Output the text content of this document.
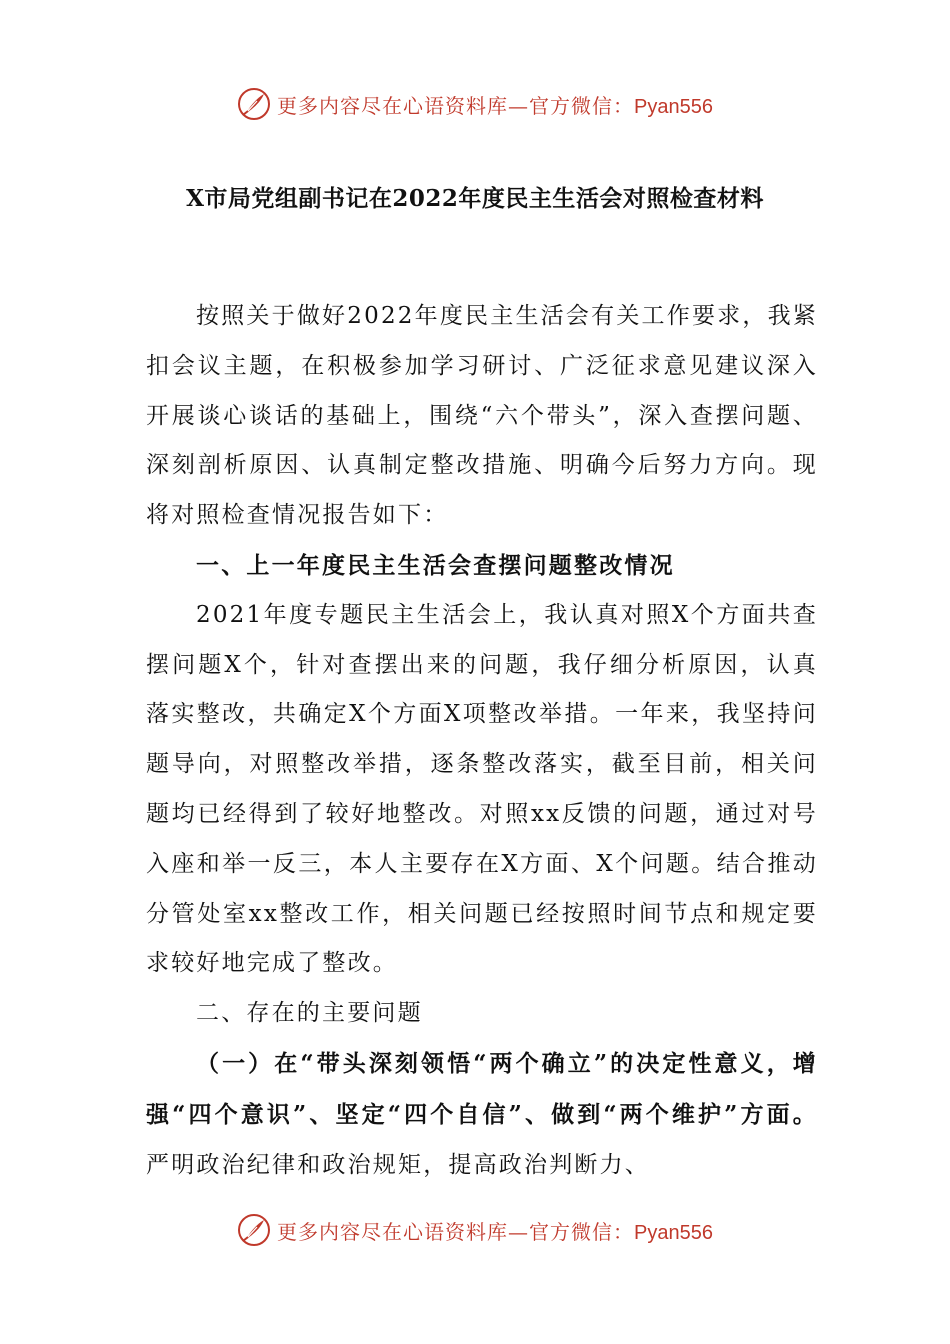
更多内容尽在心语资料库—官方微信：Pyan556
X市局党组副书记在2022年度民主生活会对照检查材料

按照关于做好2022年度民主生活会有关工作要求，我紧扣会议主题，在积极参加学习研讨、广泛征求意见建议深入开展谈心谈话的基础上，围绕“六个带头”，深入查摆问题、深刻剖析原因、认真制定整改措施、明确今后努力方向。现将对照检查情况报告如下：

一、上一年度民主生活会查摆问题整改情况

2021年度专题民主生活会上，我认真对照X个方面共查摆问题X个，针对查摆出来的问题，我仔细分析原因，认真落实整改，共确定X个方面X项整改举措。一年来，我坚持问题导向，对照整改举措，逐条整改落实，截至目前，相关问题均已经得到了较好地整改。对照xx反馈的问题，通过对号入座和举一反三，本人主要存在X方面、X个问题。结合推动分管处室xx整改工作，相关问题已经按照时间节点和规定要求较好地完成了整改。

二、存在的主要问题

（一）在“带头深刻领悟“两个确立”的决定性意义，增强“四个意识”、坚定“四个自信”、做到“两个维护”方面。严明政治纪律和政治规矩，提高政治判断力、

更多内容尽在心语资料库—官方微信：Pyan556
